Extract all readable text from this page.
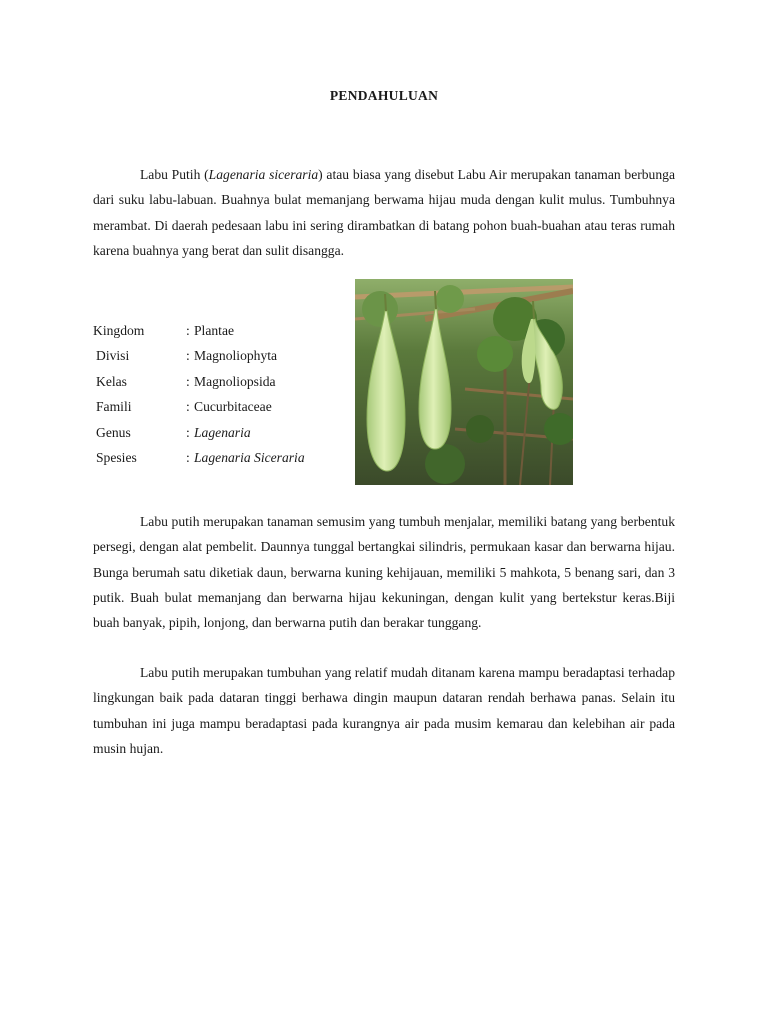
PENDAHULUAN

Labu Putih (Lagenaria siceraria) atau biasa yang disebut Labu Air merupakan tanaman berbunga dari suku labu-labuan. Buahnya bulat memanjang berwama hijau muda dengan kulit mulus. Tumbuhnya merambat. Di daerah pedesaan labu ini sering dirambatkan di batang pohon buah-buahan atau teras rumah karena buahnya yang berat dan sulit disangga.

Kingdom	: Plantae
Divisi	: Magnoliophyta
Kelas	: Magnoliopsida
Famili	: Cucurbitaceae
Genus	: Lagenaria
Spesies	: Lagenaria Siceraria

Labu putih merupakan tanaman semusim yang tumbuh menjalar, memiliki batang yang berbentuk persegi, dengan alat pembelit. Daunnya tunggal bertangkai silindris, permukaan kasar dan berwarna hijau. Bunga berumah satu diketiak daun, berwarna kuning kehijauan, memiliki 5 mahkota, 5 benang sari, dan 3 putik. Buah bulat memanjang dan berwarna hijau kekuningan, dengan kulit yang bertekstur keras.Biji buah banyak, pipih, lonjong, dan berwarna putih dan berakar tunggang.

Labu putih merupakan tumbuhan yang relatif mudah ditanam karena mampu beradaptasi terhadap lingkungan baik pada dataran tinggi berhawa dingin maupun dataran rendah berhawa panas. Selain itu tumbuhan ini juga mampu beradaptasi pada kurangnya air pada musim kemarau dan kelebihan air pada musin hujan.
